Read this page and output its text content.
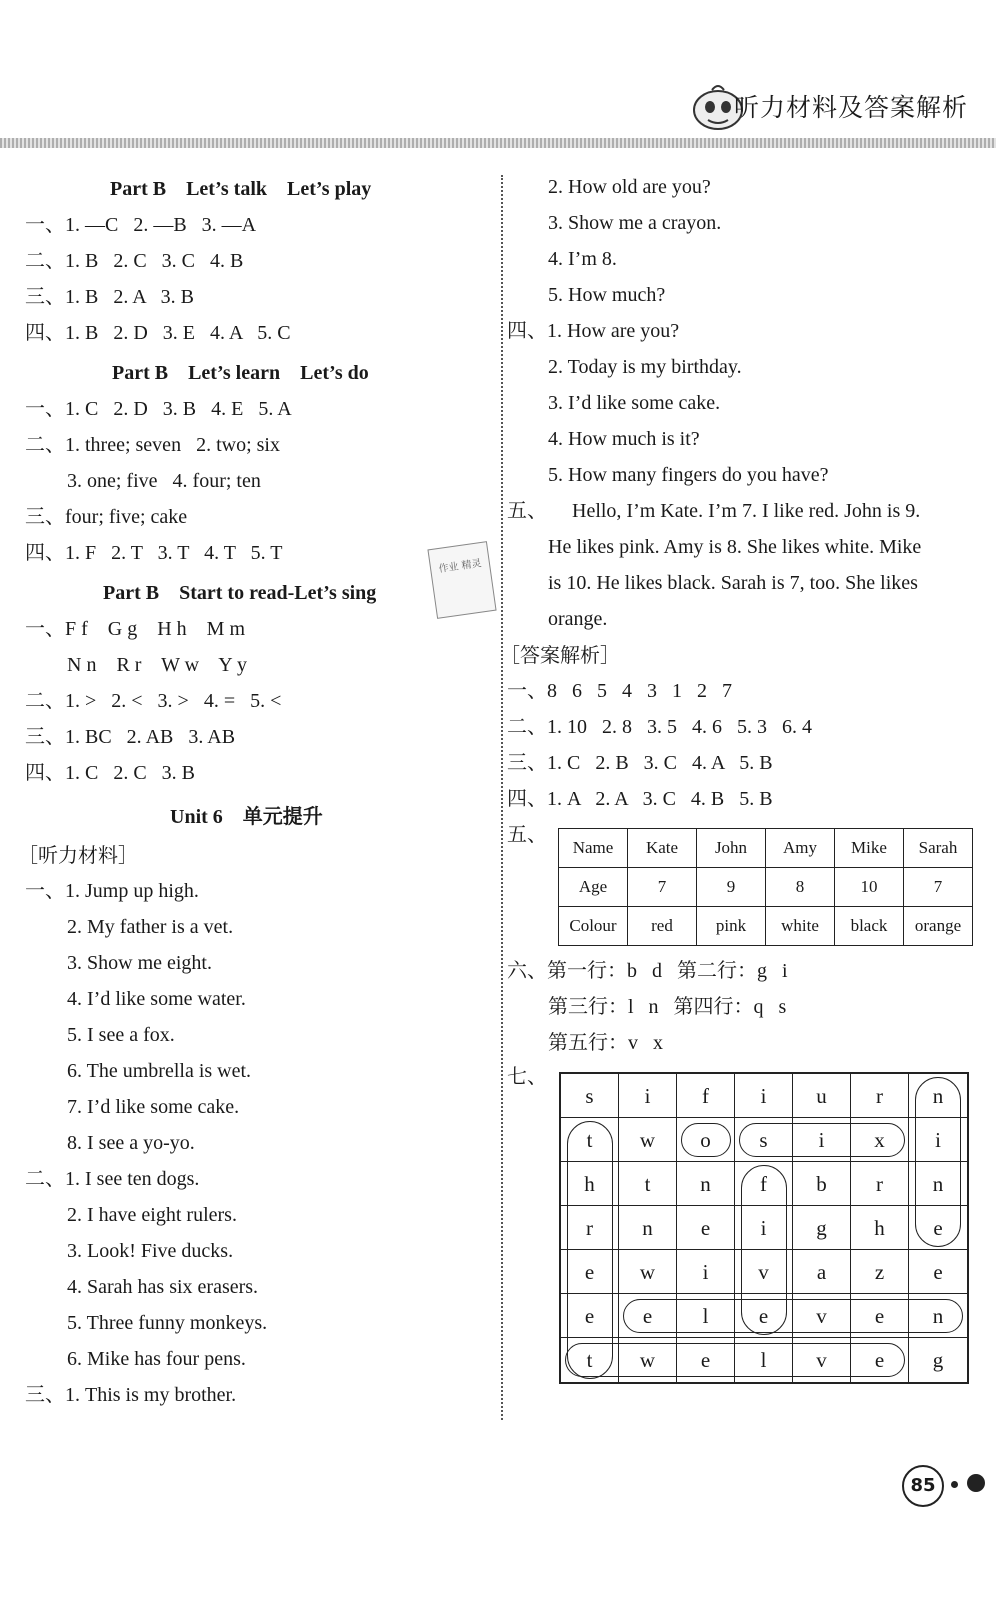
听力材料及答案解析
Part B    Let’s talk    Let’s play
一、1. —C   2. —B   3. —A
二、1. B   2. C   3. C   4. B
三、1. B   2. A   3. B
四、1. B   2. D   3. E   4. A   5. C
Part B    Let’s learn    Let’s do
一、1. C   2. D   3. B   4. E   5. A
二、1. three; seven   2. two; six
3. one; five   4. four; ten
三、four; five; cake
四、1. F   2. T   3. T   4. T   5. T
Part B    Start to read-Let’s sing
一、F f    G g    H h    M m
N n    R r    W w    Y y
二、1. >   2. <   3. >   4. =   5. <
三、1. BC   2. AB   3. AB
四、1. C   2. C   3. B
Unit 6    单元提升
［听力材料］
一、1. Jump up high.
2. My father is a vet.
3. Show me eight.
4. I’d like some water.
5. I see a fox.
6. The umbrella is wet.
7. I’d like some cake.
8. I see a yo-yo.
二、1. I see ten dogs.
2. I have eight rulers.
3. Look! Five ducks.
4. Sarah has six erasers.
5. Three funny monkeys.
6. Mike has four pens.
三、1. This is my brother.
2. How old are you?
3. Show me a crayon.
4. I’m 8.
5. How much?
四、1. How are you?
2. Today is my birthday.
3. I’d like some cake.
4. How much is it?
5. How many fingers do you have?
五、     Hello, I’m Kate. I’m 7. I like red. John is 9.
He likes pink. Amy is 8. She likes white. Mike
is 10. He likes black. Sarah is 7, too. She likes
orange.
［答案解析］
一、8   6   5   4   3   1   2   7
二、1. 10   2. 8   3. 5   4. 6   5. 3   6. 4
三、1. C   2. B   3. C   4. A   5. B
四、1. A   2. A   3. C   4. B   5. B
五、
六、第一行：b   d   第二行：g   i
第三行：l   n   第四行：q   s
第五行：v   x
七、
作业 精灵
Name	Kate	John	Amy	Mike	Sarah
Age	7	9	8	10	7
Colour	red	pink	white	black	orange
s	i	f	i	u	r	n
t	w	o	s	i	x	i
h	t	n	f	b	r	n
r	n	e	i	g	h	e
e	w	i	v	a	z	e
e	e	l	e	v	e	n
t	w	e	l	v	e	g
85
